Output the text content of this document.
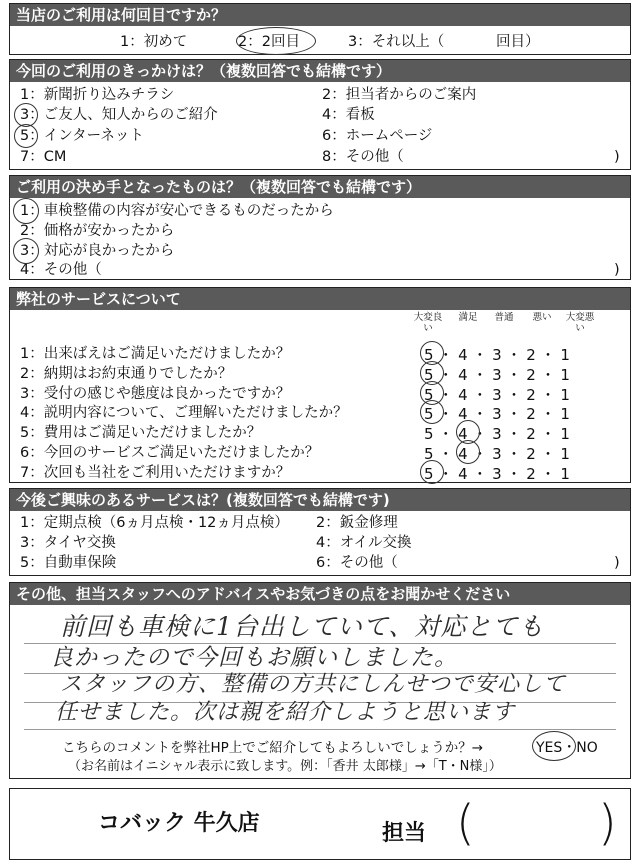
当店のご利用は何回目ですか？
1：初めて	2：2回目	3：それ以上（	回目）
今回のご利用のきっかけは？（複数回答でも結構です）
1：新聞折り込みチラシ	2：担当者からのご案内
3：ご友人、知人からのご紹介	4：看板
5：インターネット	6：ホームページ
7：CM	8：その他（	)
ご利用の決め手となったものは？（複数回答でも結構です）
1：車検整備の内容が安心できるものだったから
2：価格が安かったから
3：対応が良かったから
4：その他（	)
弊社のサービスについて
大変良い
満足	普通	悪い	大変悪い
1：出来ばえはご満足いただけましたか？	5 ・ 4 ・ 3 ・ 2 ・ 1
2：納期はお約束通りでしたか？	5 ・ 4 ・ 3 ・ 2 ・ 1
3：受付の感じや態度は良かったですか？	5 ・ 4 ・ 3 ・ 2 ・ 1
4：説明内容について、ご理解いただけましたか？	5 ・ 4 ・ 3 ・ 2 ・ 1
5：費用はご満足いただけましたか？	5 ・ 4 ・ 3 ・ 2 ・ 1
6：今回のサービスご満足いただけましたか？	5 ・ 4 ・ 3 ・ 2 ・ 1
7：次回も当社をご利用いただけますか？	5 ・ 4 ・ 3 ・ 2 ・ 1
今後ご興味のあるサービスは？(複数回答でも結構です)
1：定期点検（6ヵ月点検・12ヵ月点検） 2：鈑金修理
3：タイヤ交換	4：オイル交換
5：自動車保険	6：その他（	)
その他、担当スタッフへのアドバイスやお気づきの点をお聞かせください
前回も車検に1台出していて、対応とても
良かったので今回もお願いしました。
スタッフの方、整備の方共にしんせつで安心して
任せました。次は親を紹介しようと思います
こちらのコメントを弊社HP上でご紹介してもよろしいでしょうか？→	YES・NO
（お名前はイニシャル表示に致します。例：「香井 太郎様」→「T・N様」）
コバック 牛久店	担当 (	)
